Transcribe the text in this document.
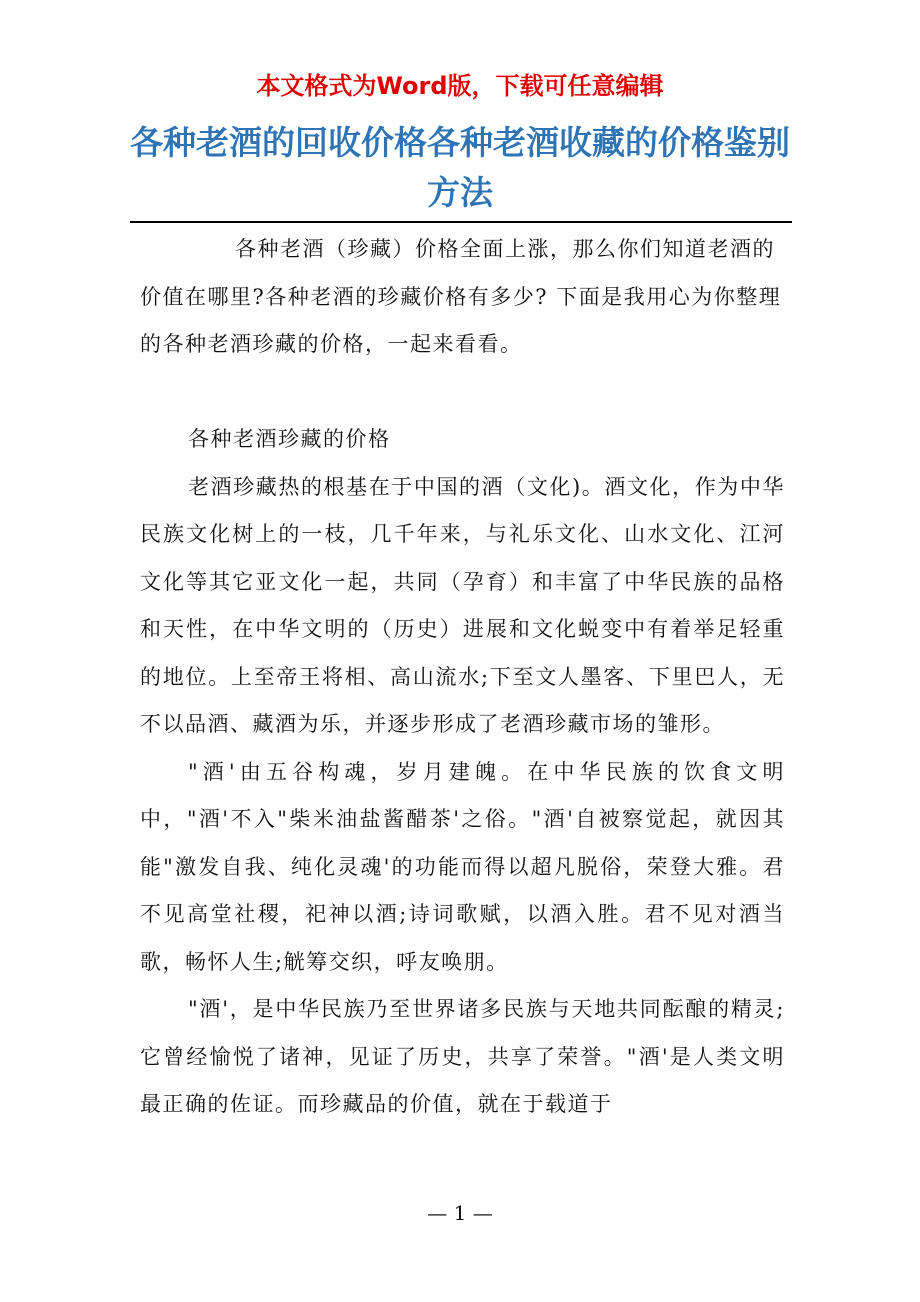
本文格式为Word版，下载可任意编辑
各种老酒的回收价格各种老酒收藏的价格鉴别方法

各种老酒（珍藏）价格全面上涨，那么你们知道老酒的价值在哪里?各种老酒的珍藏价格有多少? 下面是我用心为你整理的各种老酒珍藏的价格，一起来看看。

各种老酒珍藏的价格

老酒珍藏热的根基在于中国的酒（文化)。酒文化，作为中华民族文化树上的一枝，几千年来，与礼乐文化、山水文化、江河文化等其它亚文化一起，共同（孕育）和丰富了中华民族的品格和天性，在中华文明的（历史）进展和文化蜕变中有着举足轻重的地位。上至帝王将相、高山流水;下至文人墨客、下里巴人，无不以品酒、藏酒为乐，并逐步形成了老酒珍藏市场的雏形。

"酒'由五谷构魂，岁月建魄。在中华民族的饮食文明中，"酒'不入"柴米油盐酱醋茶'之俗。"酒'自被察觉起，就因其能"激发自我、纯化灵魂'的功能而得以超凡脱俗，荣登大雅。君不见高堂社稷，祀神以酒;诗词歌赋，以酒入胜。君不见对酒当歌，畅怀人生;觥筹交织，呼友唤朋。

"酒'，是中华民族乃至世界诸多民族与天地共同酝酿的精灵;它曾经愉悦了诸神，见证了历史，共享了荣誉。"酒'是人类文明最正确的佐证。而珍藏品的价值，就在于载道于

— 1 —
